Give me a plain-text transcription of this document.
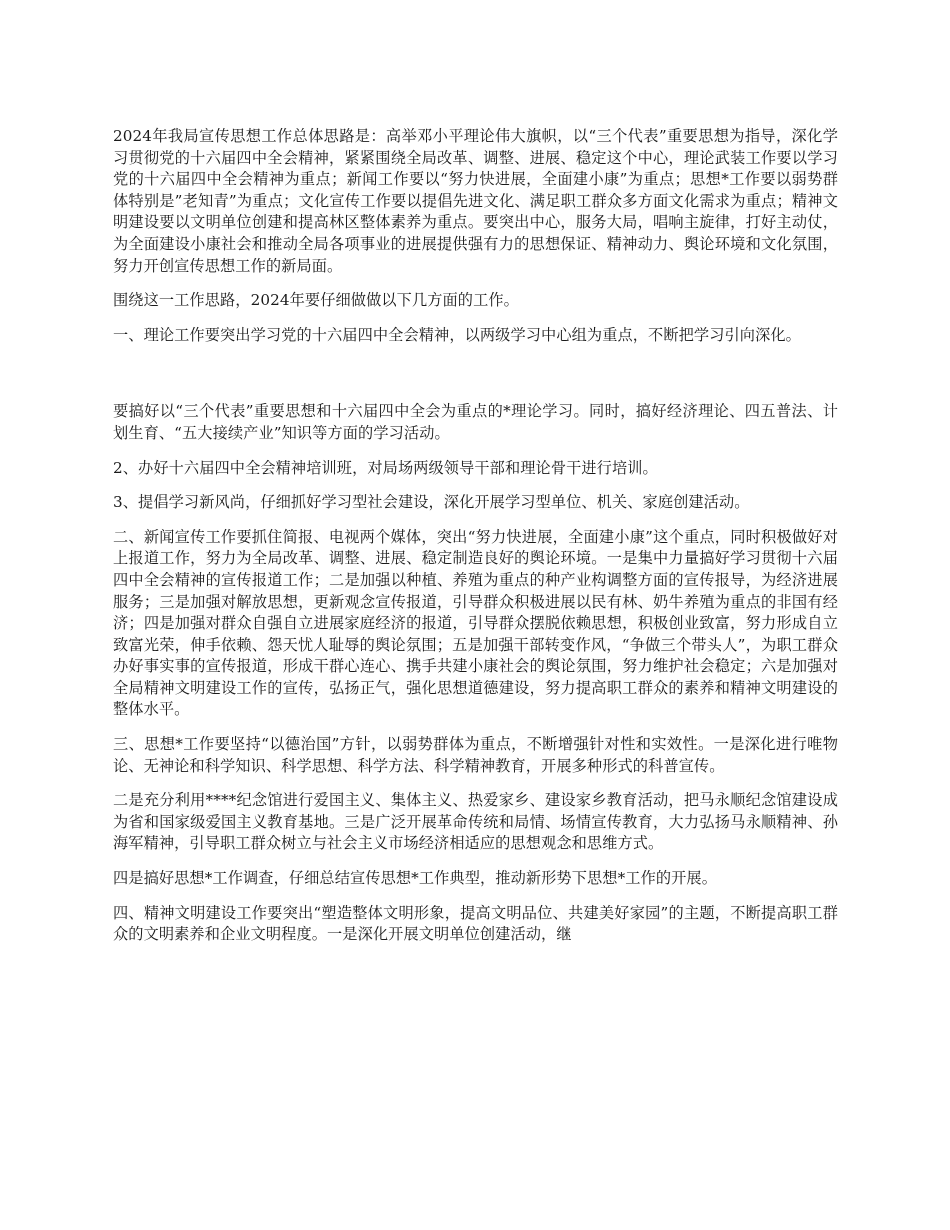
2024年我局宣传思想工作总体思路是：高举邓小平理论伟大旗帜，以“三个代表”重要思想为指导，深化学习贯彻党的十六届四中全会精神，紧紧围绕全局改革、调整、进展、稳定这个中心，理论武装工作要以学习党的十六届四中全会精神为重点；新闻工作要以“努力快进展，全面建小康”为重点；思想*工作要以弱势群体特别是”老知青”为重点；文化宣传工作要以提倡先进文化、满足职工群众多方面文化需求为重点；精神文明建设要以文明单位创建和提高林区整体素养为重点。要突出中心，服务大局，唱响主旋律，打好主动仗，为全面建设小康社会和推动全局各项事业的进展提供强有力的思想保证、精神动力、舆论环境和文化氛围，努力开创宣传思想工作的新局面。

围绕这一工作思路，2024年要仔细做做以下几方面的工作。

一、理论工作要突出学习党的十六届四中全会精神，以两级学习中心组为重点，不断把学习引向深化。

要搞好以“三个代表”重要思想和十六届四中全会为重点的*理论学习。同时，搞好经济理论、四五普法、计划生育、“五大接续产业”知识等方面的学习活动。

2、办好十六届四中全会精神培训班，对局场两级领导干部和理论骨干进行培训。

3、提倡学习新风尚，仔细抓好学习型社会建设，深化开展学习型单位、机关、家庭创建活动。

二、新闻宣传工作要抓住简报、电视两个媒体，突出“努力快进展，全面建小康”这个重点，同时积极做好对上报道工作，努力为全局改革、调整、进展、稳定制造良好的舆论环境。一是集中力量搞好学习贯彻十六届四中全会精神的宣传报道工作；二是加强以种植、养殖为重点的种产业构调整方面的宣传报导，为经济进展服务；三是加强对解放思想，更新观念宣传报道，引导群众积极进展以民有林、奶牛养殖为重点的非国有经济；四是加强对群众自强自立进展家庭经济的报道，引导群众摆脱依赖思想，积极创业致富，努力形成自立致富光荣，伸手依赖、怨天忧人耻辱的舆论氛围；五是加强干部转变作风，“争做三个带头人”，为职工群众办好事实事的宣传报道，形成干群心连心、携手共建小康社会的舆论氛围，努力维护社会稳定；六是加强对全局精神文明建设工作的宣传，弘扬正气，强化思想道德建设，努力提高职工群众的素养和精神文明建设的整体水平。

三、思想*工作要坚持“以德治国”方针，以弱势群体为重点，不断增强针对性和实效性。一是深化进行唯物论、无神论和科学知识、科学思想、科学方法、科学精神教育，开展多种形式的科普宣传。

二是充分利用****纪念馆进行爱国主义、集体主义、热爱家乡、建设家乡教育活动，把马永顺纪念馆建设成为省和国家级爱国主义教育基地。三是广泛开展革命传统和局情、场情宣传教育，大力弘扬马永顺精神、孙海军精神，引导职工群众树立与社会主义市场经济相适应的思想观念和思维方式。

四是搞好思想*工作调查，仔细总结宣传思想*工作典型，推动新形势下思想*工作的开展。

四、精神文明建设工作要突出“塑造整体文明形象，提高文明品位、共建美好家园”的主题，不断提高职工群众的文明素养和企业文明程度。一是深化开展文明单位创建活动，继
